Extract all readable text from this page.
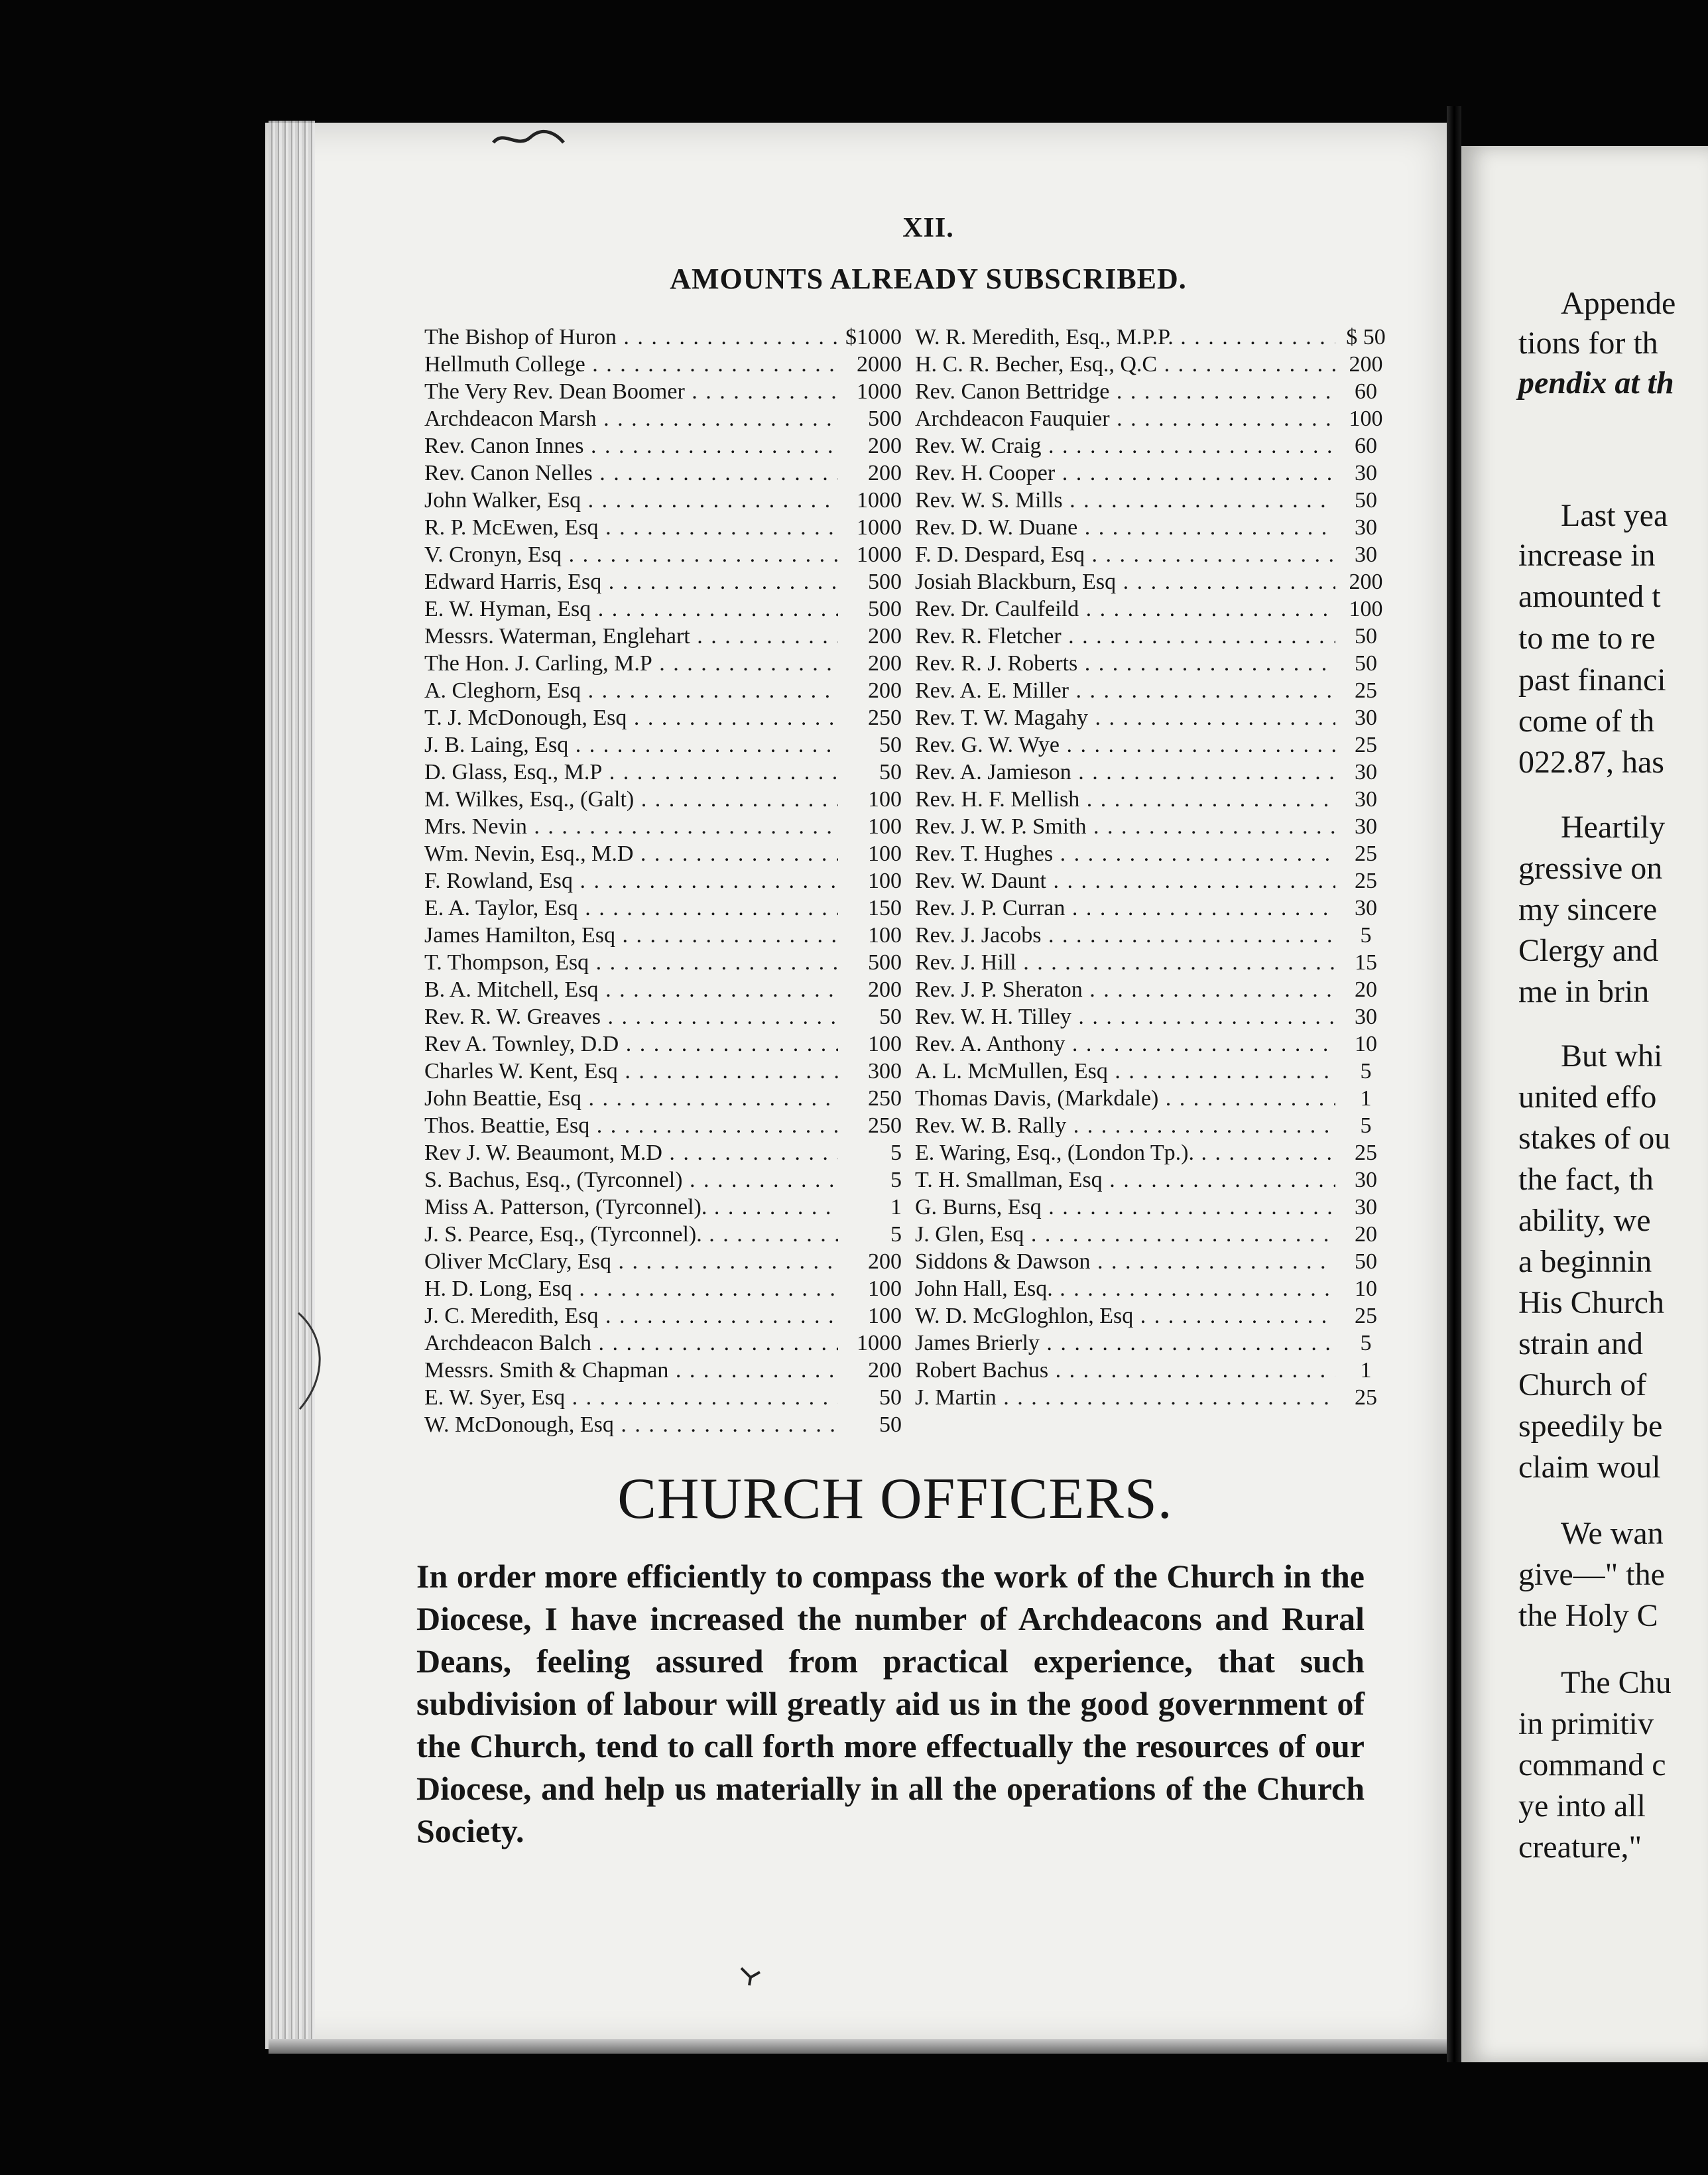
Appende
tions for th
pendix at th
Last yea
increase in
amounted t
to me to re
past financi
come of th
022.87, has
Heartily
gressive on
my sincere
Clergy and
me in brin
But whi
united effo
stakes of ou
the fact, th
ability, we
a beginnin
His Church
strain and
Church of
speedily be
claim woul
We wan
give—" the
the Holy C
The Chu
in primitiv
command c
ye into all
creature,"
XII.
AMOUNTS ALREADY SUBSCRIBED.
The Bishop of Huron . . .	$1000
Hellmuth College . . .	2000
The Very Rev. Dean Boomer . . .	1000
Archdeacon Marsh . . .	500
Rev. Canon Innes . . .	200
Rev. Canon Nelles . . .	200
John Walker, Esq . . .	1000
R. P. McEwen, Esq . . .	1000
V. Cronyn, Esq . . .	1000
Edward Harris, Esq . . .	500
E. W. Hyman, Esq . . .	500
Messrs. Waterman, Englehart . . .	200
The Hon. J. Carling, M.P . . .	200
A. Cleghorn, Esq . . .	200
T. J. McDonough, Esq . . .	250
J. B. Laing, Esq . . .	50
D. Glass, Esq., M.P . . .	50
M. Wilkes, Esq., (Galt) . . .	100
Mrs. Nevin . . .	100
Wm. Nevin, Esq., M.D . . .	100
F. Rowland, Esq . . .	100
E. A. Taylor, Esq . . .	150
James Hamilton, Esq . . .	100
T. Thompson, Esq . . .	500
B. A. Mitchell, Esq . . .	200
Rev. R. W. Greaves . . .	50
Rev A. Townley, D.D . . .	100
Charles W. Kent, Esq . . .	300
John Beattie, Esq . . .	250
Thos. Beattie, Esq . . .	250
Rev J. W. Beaumont, M.D . . .	5
S. Bachus, Esq., (Tyrconnel) . . .	5
Miss A. Patterson, (Tyrconnel). . . .	1
J. S. Pearce, Esq., (Tyrconnel). . . .	5
Oliver McClary, Esq . . .	200
H. D. Long, Esq . . .	100
J. C. Meredith, Esq . . .	100
Archdeacon Balch . . .	1000
Messrs. Smith & Chapman . . .	200
E. W. Syer, Esq . . .	50
W. McDonough, Esq . . .	50
W. R. Meredith, Esq., M.P.P. . . .	$ 50
H. C. R. Becher, Esq., Q.C . . .	200
Rev. Canon Bettridge . . .	60
Archdeacon Fauquier . . .	100
Rev. W. Craig . . .	60
Rev. H. Cooper . . .	30
Rev. W. S. Mills . . .	50
Rev. D. W. Duane . . .	30
F. D. Despard, Esq . . .	30
Josiah Blackburn, Esq . . .	200
Rev. Dr. Caulfeild . . .	100
Rev. R. Fletcher . . .	50
Rev. R. J. Roberts . . .	50
Rev. A. E. Miller . . .	25
Rev. T. W. Magahy . . .	30
Rev. G. W. Wye . . .	25
Rev. A. Jamieson . . .	30
Rev. H. F. Mellish . . .	30
Rev. J. W. P. Smith . . .	30
Rev. T. Hughes . . .	25
Rev. W. Daunt . . .	25
Rev. J. P. Curran . . .	30
Rev. J. Jacobs . . .	5
Rev. J. Hill . . .	15
Rev. J. P. Sheraton . . .	20
Rev. W. H. Tilley . . .	30
Rev. A. Anthony . . .	10
A. L. McMullen, Esq . . .	5
Thomas Davis, (Markdale) . . .	1
Rev. W. B. Rally . . .	5
E. Waring, Esq., (London Tp.). . . .	25
T. H. Smallman, Esq . . .	30
G. Burns, Esq . . .	30
J. Glen, Esq . . .	20
Siddons & Dawson . . .	50
John Hall, Esq. . . .	10
W. D. McGloghlon, Esq . . .	25
James Brierly . . .	5
Robert Bachus . . .	1
J. Martin . . .	25
CHURCH OFFICERS.
In order more efficiently to compass the work of the Church in the Diocese, I have increased the number of Archdeacons and Rural Deans, feeling assured from practical experience, that such subdivision of labour will greatly aid us in the good government of the Church, tend to call forth more effectually the resources of our Diocese, and help us materially in all the operations of the Church Society.
